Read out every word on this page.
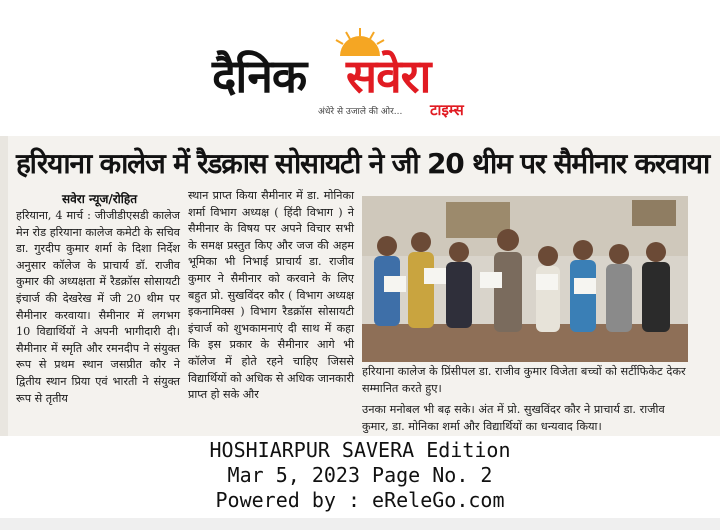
दैनिक सवेरा
अंधेरे से उजाले की ओर... टाइम्स
हरियाना कालेज में रैडक्रास सोसायटी ने जी 20 थीम पर सैमीनार करवाया
सवेरा न्यूज/रोहित
हरियाना, 4 मार्च : जीजीडीएसडी कालेज मेन रोड हरियाना कालेज कमेटी के सचिव डा. गुरदीप कुमार शर्मा के दिशा निर्देश अनुसार कॉलेज के प्राचार्य डॉ. राजीव कुमार की अध्यक्षता में रैडक्रॉस सोसायटी इंचार्ज की देखरेख में जी 20 थीम पर सैमीनार करवाया। सैमीनार में लगभग 10 विद्यार्थियों ने अपनी भागीदारी दी। सैमीनार में स्मृति और रमनदीप ने संयुक्त रूप से प्रथम स्थान जसप्रीत कौर ने द्वितीय स्थान प्रिया एवं भारती ने संयुक्त रूप से तृतीय
स्थान प्राप्त किया सैमीनार में डा. मोनिका शर्मा विभाग अध्यक्ष ( हिंदी विभाग ) ने सैमीनार के विषय पर अपने विचार सभी के समक्ष प्रस्तुत किए और जज की अहम भूमिका भी निभाई प्राचार्य डा. राजीव कुमार ने सैमीनार को करवाने के लिए बहुत प्रो. सुखविंदर कौर ( विभाग अध्यक्ष इकनामिक्स ) विभाग रैडक्रॉस सोसायटी इंचार्ज को शुभकामनाएं दी साथ में कहा कि इस प्रकार के सैमीनार आगे भी कॉलेज में होते रहने चाहिए जिससे विद्यार्थियों को अधिक से अधिक जानकारी प्राप्त हो सके और
हरियाना कालेज के प्रिंसीपल डा. राजीव कुमार विजेता बच्चों को सर्टीफिकेट देकर सम्मानित करते हुए।
उनका मनोबल भी बढ़ सके। अंत में प्रो. सुखविंदर कौर ने प्राचार्य डा. राजीव कुमार, डा. मोनिका शर्मा और विद्यार्थियों का धन्यवाद किया।
HOSHIARPUR SAVERA Edition
Mar 5, 2023 Page No. 2
Powered by : eReleGo.com
